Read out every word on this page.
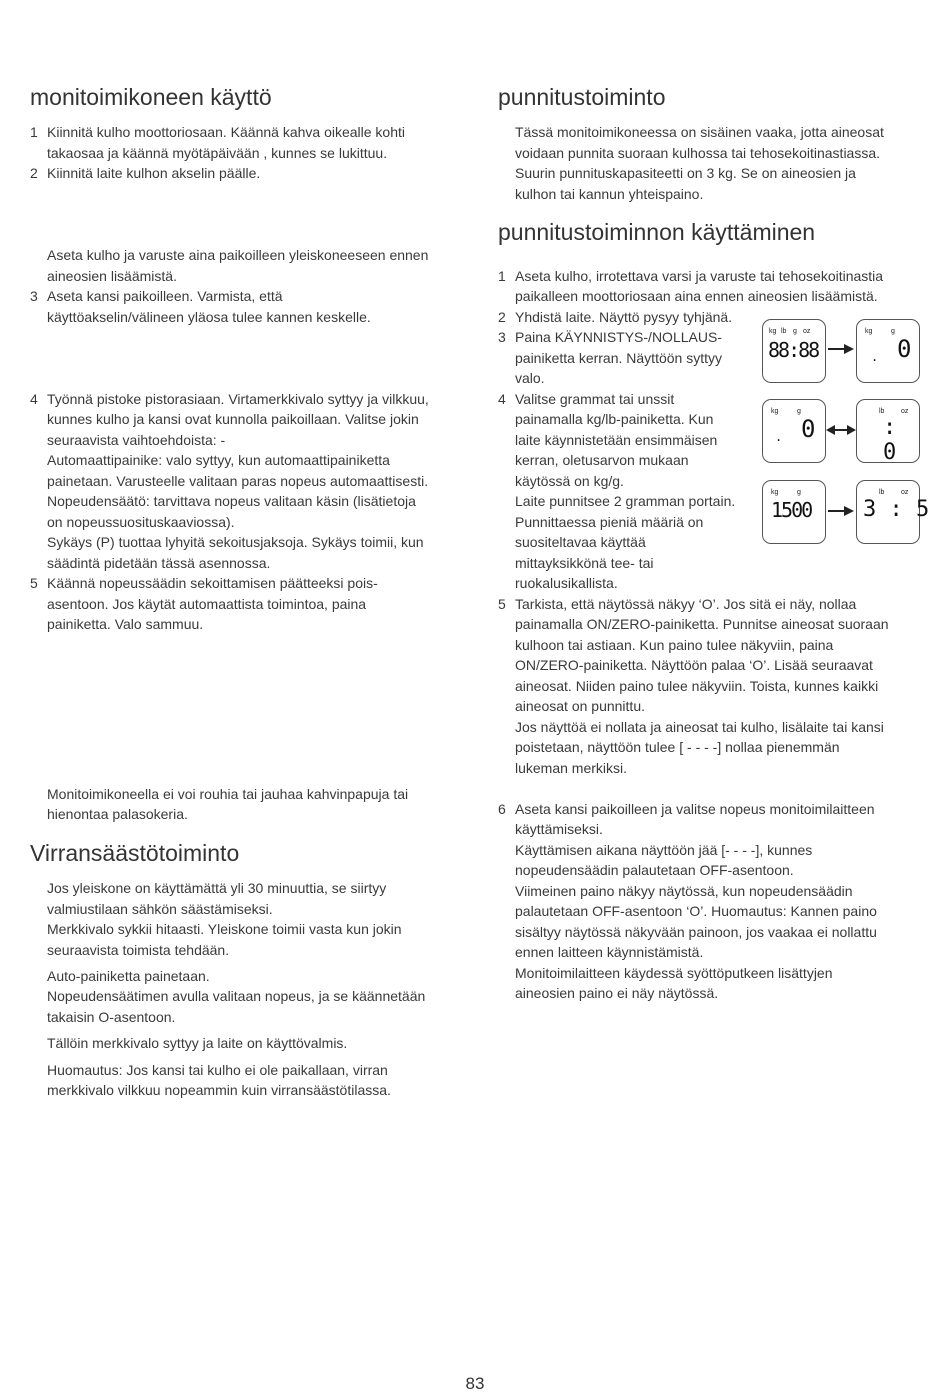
monitoimikoneen käyttö
1 Kiinnitä kulho moottoriosaan. Käännä kahva oikealle kohti

takaosaa ja käännä myötäpäivään , kunnes se lukittuu.

2 Kiinnitä laite kulhon akselin päälle.

Aseta kulho ja varuste aina paikoilleen yleiskoneeseen ennen

aineosien lisäämistä.

3 Aseta kansi paikoilleen. Varmista, että

käyttöakselin/välineen yläosa tulee kannen keskelle.

4 Työnnä pistoke pistorasiaan. Virtamerkkivalo syttyy ja vilkkuu,

kunnes kulho ja kansi ovat kunnolla paikoillaan. Valitse jokin

seuraavista vaihtoehdoista: -

Automaattipainike: valo syttyy, kun automaattipainiketta

painetaan. Varusteelle valitaan paras nopeus automaattisesti.

Nopeudensäätö: tarvittava nopeus valitaan käsin (lisätietoja

on nopeussuosituskaaviossa).

Sykäys (P) tuottaa lyhyitä sekoitusjaksoja. Sykäys toimii, kun

säädintä pidetään tässä asennossa.

5 Käännä nopeussäädin sekoittamisen päätteeksi pois-

asentoon. Jos käytät automaattista toimintoa, paina

painiketta. Valo sammuu.

Monitoimikoneella ei voi rouhia tai jauhaa kahvinpapuja tai

hienontaa palasokeria.

Virransäästötoiminto

Jos yleiskone on käyttämättä yli 30 minuuttia, se siirtyy

valmiustilaan sähkön säästämiseksi.

Merkkivalo sykkii hitaasti. Yleiskone toimii vasta kun jokin

seuraavista toimista tehdään.

Auto-painiketta painetaan.

Nopeudensäätimen avulla valitaan nopeus, ja se käännetään

takaisin O-asentoon.

Tällöin merkkivalo syttyy ja laite on käyttövalmis.

Huomautus: Jos kansi tai kulho ei ole paikallaan, virran

merkkivalo vilkkuu nopeammin kuin virransäästötilassa.

punnitustoiminto

Tässä monitoimikoneessa on sisäinen vaaka, jotta aineosat

voidaan punnita suoraan kulhossa tai tehosekoitinastiassa.

Suurin punnituskapasiteetti on 3 kg. Se on aineosien ja

kulhon tai kannun yhteispaino.

punnitustoiminnon käyttäminen
1 Aseta kulho, irrotettava varsi ja varuste tai tehosekoitinastia

paikalleen moottoriosaan aina ennen aineosien lisäämistä.

2 Yhdistä laite. Näyttö pysyy tyhjänä.

3 Paina KÄYNNISTYS-/NOLLAUS-

painiketta kerran. Näyttöön syttyy

valo.

4 Valitse grammat tai unssit

painamalla kg/lb-painiketta. Kun

laite käynnistetään ensimmäisen

kerran, oletusarvon mukaan

käytössä on kg/g.

Laite punnitsee 2 gramman portain.

Punnittaessa pieniä määriä on

suositeltavaa käyttää

mittayksikkönä tee- tai

ruokalusikallista.

5 Tarkista, että näytössä näkyy ‘O’. Jos sitä ei näy, nollaa

painamalla ON/ZERO-painiketta. Punnitse aineosat suoraan

kulhoon tai astiaan. Kun paino tulee näkyviin, paina

ON/ZERO-painiketta. Näyttöön palaa ‘O’. Lisää seuraavat

aineosat. Niiden paino tulee näkyviin. Toista, kunnes kaikki

aineosat on punnittu.

Jos näyttöä ei nollata ja aineosat tai kulho, lisälaite tai kansi

poistetaan, näyttöön tulee [ - - - -] nollaa pienemmän

lukeman merkiksi.

6 Aseta kansi paikoilleen ja valitse nopeus monitoimilaitteen

käyttämiseksi.

Käyttämisen aikana näyttöön jää [- - - -], kunnes

nopeudensäädin palautetaan OFF-asentoon.

Viimeinen paino näkyy näytössä, kun nopeudensäädin

palautetaan OFF-asentoon ‘O’. Huomautus: Kannen paino

sisältyy näytössä näkyvään painoon, jos vaakaa ei nollattu

ennen laitteen käynnistämistä.

Monitoimilaitteen käydessä syöttöputkeen lisättyjen

aineosien paino ei näy näytössä.

kg lb g oz
88:88
kg	g
. 0
kg	g
. 0
lb oz
: 0
kg	g
1500
lb oz
3 : 5
83
